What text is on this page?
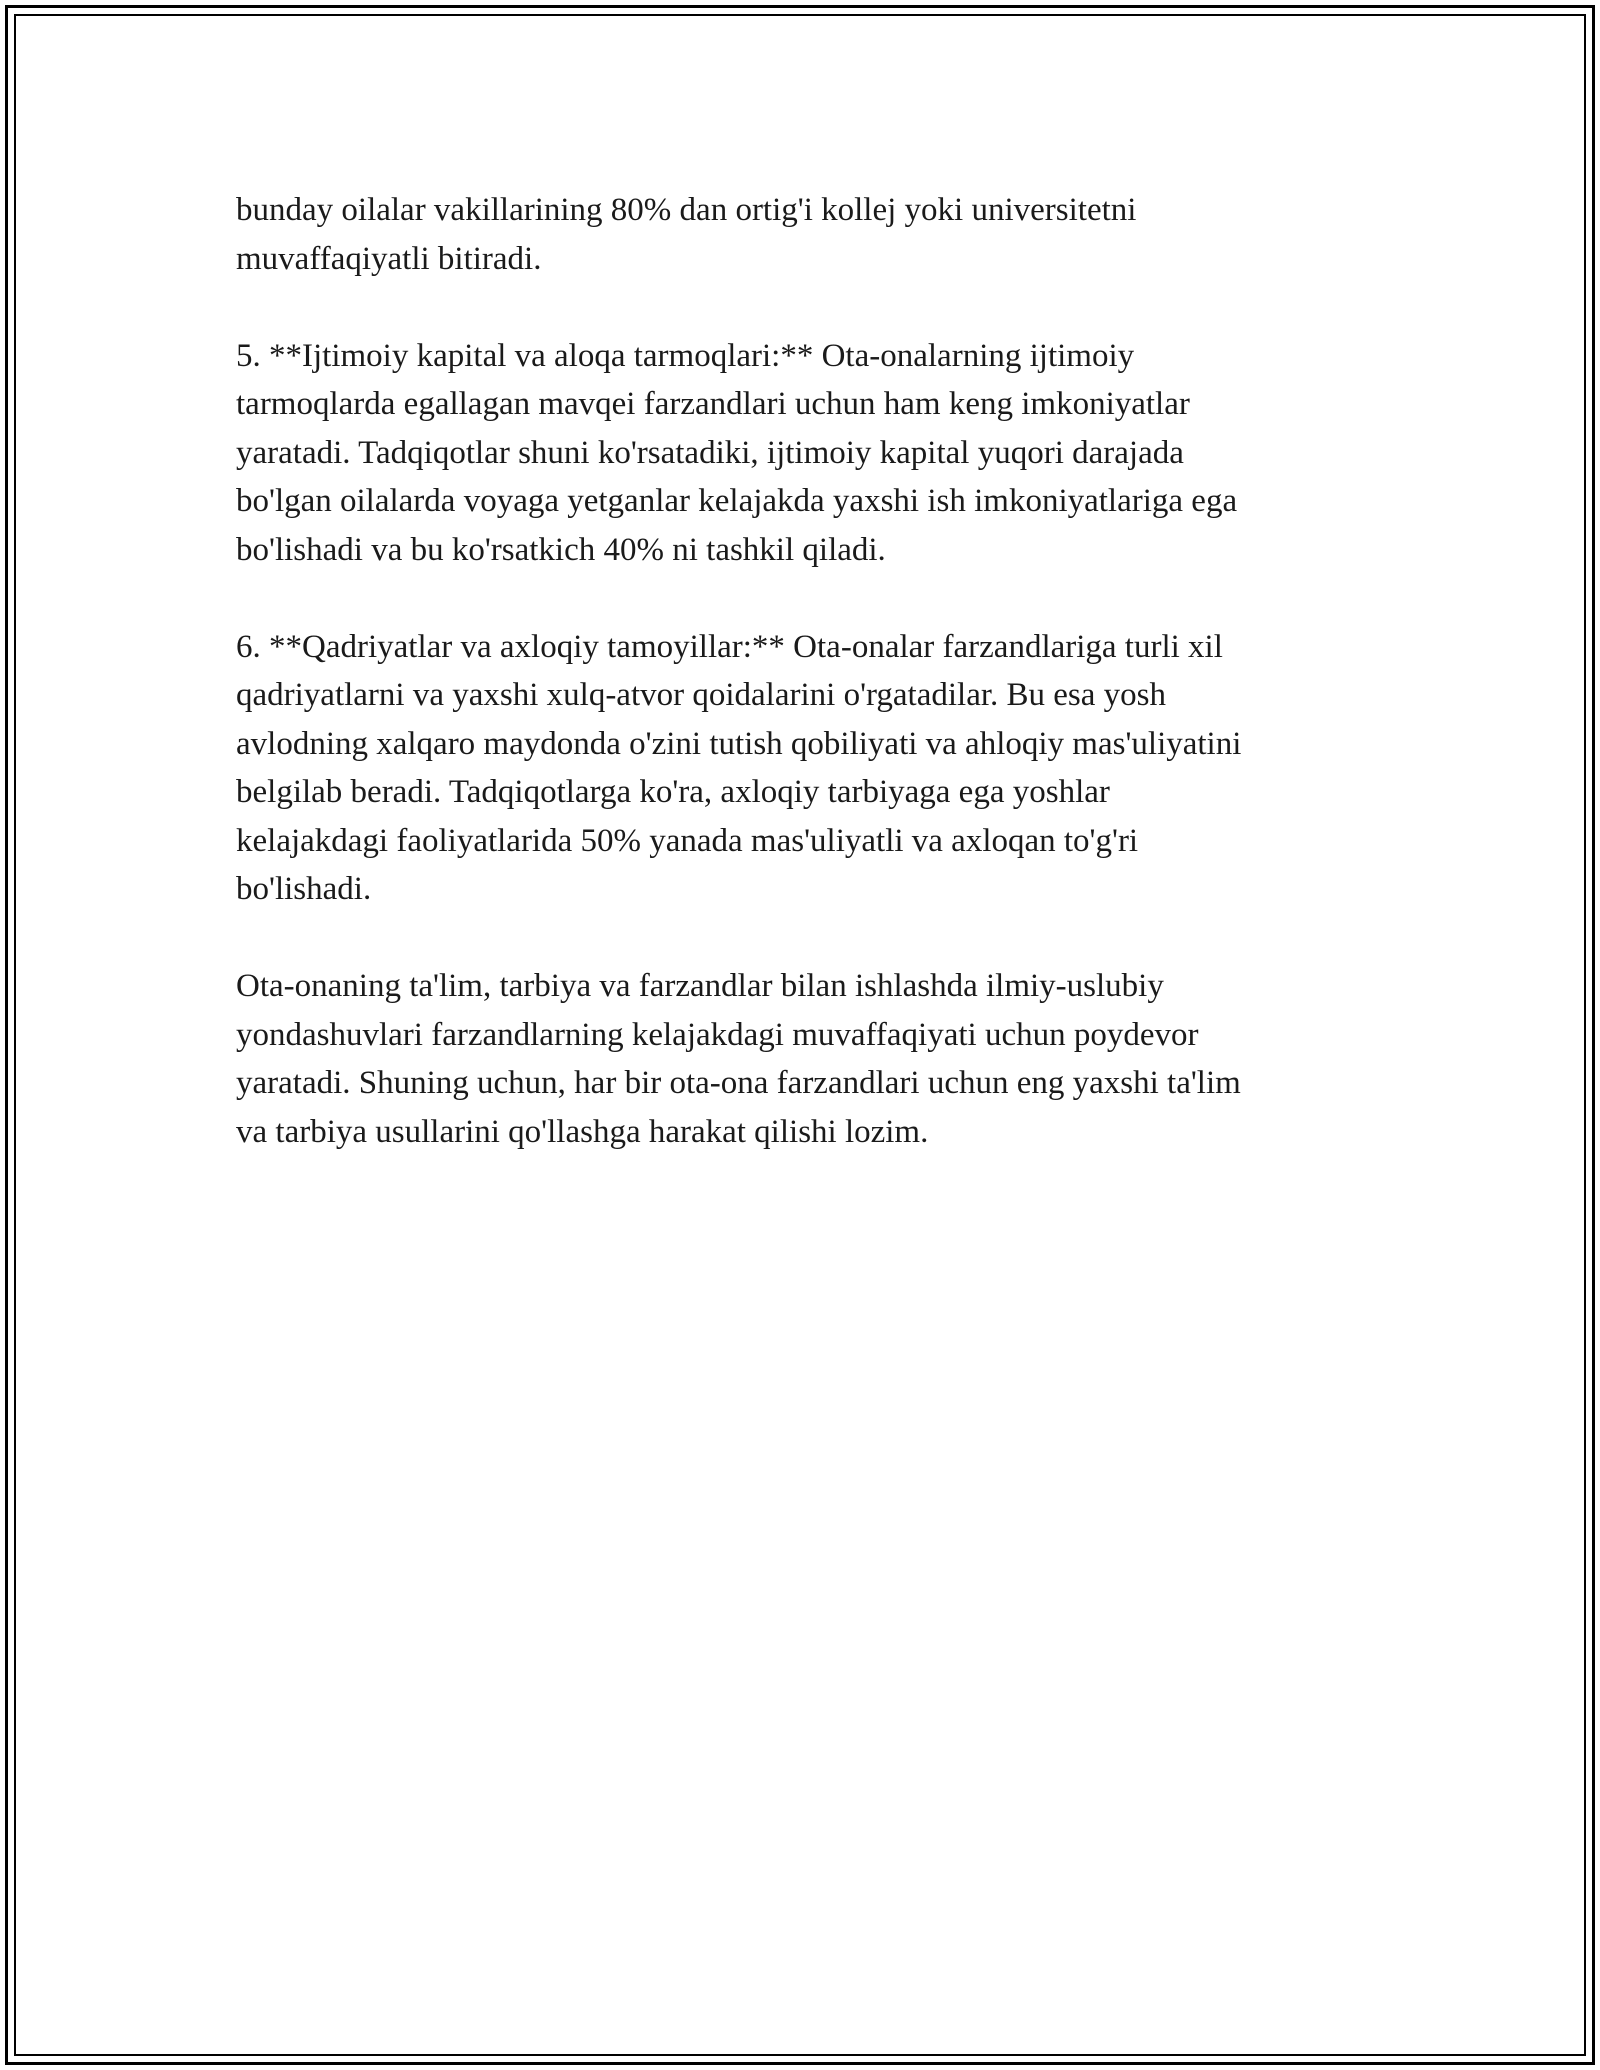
bunday oilalar vakillarining 80% dan ortig'i kollej yoki universitetni
muvaffaqiyatli bitiradi.

5. **Ijtimoiy kapital va aloqa tarmoqlari:** Ota-onalarning ijtimoiy
tarmoqlarda egallagan mavqei farzandlari uchun ham keng imkoniyatlar
yaratadi. Tadqiqotlar shuni ko'rsatadiki, ijtimoiy kapital yuqori darajada
bo'lgan oilalarda voyaga yetganlar kelajakda yaxshi ish imkoniyatlariga ega
bo'lishadi va bu ko'rsatkich 40% ni tashkil qiladi.

6. **Qadriyatlar va axloqiy tamoyillar:** Ota-onalar farzandlariga turli xil
qadriyatlarni va yaxshi xulq-atvor qoidalarini o'rgatadilar. Bu esa yosh
avlodning xalqaro maydonda o'zini tutish qobiliyati va ahloqiy mas'uliyatini
belgilab beradi. Tadqiqotlarga ko'ra, axloqiy tarbiyaga ega yoshlar
kelajakdagi faoliyatlarida 50% yanada mas'uliyatli va axloqan to'g'ri
bo'lishadi.

Ota-onaning ta'lim, tarbiya va farzandlar bilan ishlashda ilmiy-uslubiy
yondashuvlari farzandlarning kelajakdagi muvaffaqiyati uchun poydevor
yaratadi. Shuning uchun, har bir ota-ona farzandlari uchun eng yaxshi ta'lim
va tarbiya usullarini qo'llashga harakat qilishi lozim.
